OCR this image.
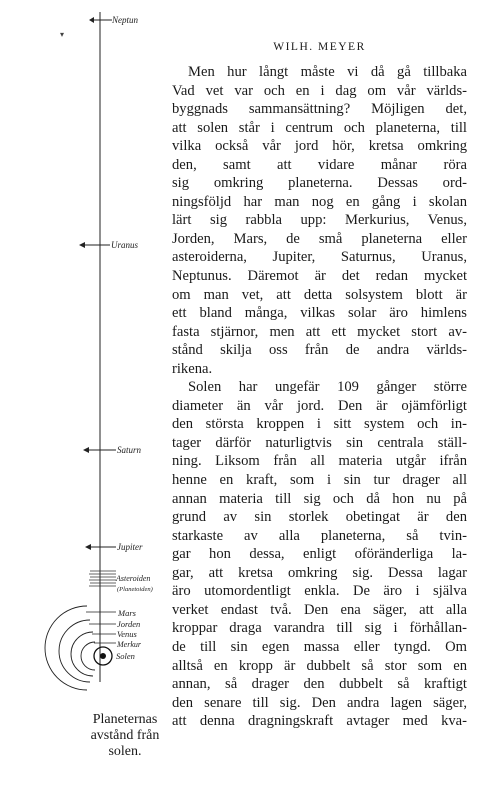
WILH. MEYER
Neptun
▾
Uranus
Saturn
Jupiter
Asteroiden
(Planetoiden)
Mars
Jorden
Venus
Merkur
Solen
Planeternas
avstånd från
solen.
Men hur långt måste vi då gå tillbaka
Vad vet var och en i dag om vår världs-
byggnads sammansättning? Möjligen det,
att solen står i centrum och planeterna, till
vilka också vår jord hör, kretsa omkring
den, samt att vidare månar röra
sig omkring planeterna. Dessas ord-
ningsföljd har man nog en gång i skolan
lärt sig rabbla upp: Merkurius, Venus,
Jorden, Mars, de små planeterna eller
asteroiderna, Jupiter, Saturnus, Uranus,
Neptunus. Däremot är det redan mycket
om man vet, att detta solsystem blott är
ett bland många, vilkas solar äro himlens
fasta stjärnor, men att ett mycket stort av-
stånd skilja oss från de andra världs-
rikena.
Solen har ungefär 109 gånger större
diameter än vår jord. Den är ojämförligt
den största kroppen i sitt system och in-
tager därför naturligtvis sin centrala ställ-
ning. Liksom från all materia utgår ifrån
henne en kraft, som i sin tur drager all
annan materia till sig och då hon nu på
grund av sin storlek obetingat är den
starkaste av alla planeterna, så tvin-
gar hon dessa, enligt oföränderliga la-
gar, att kretsa omkring sig. Dessa lagar
äro utomordentligt enkla. De äro i själva
verket endast två. Den ena säger, att alla
kroppar draga varandra till sig i förhållan-
de till sin egen massa eller tyngd. Om
alltså en kropp är dubbelt så stor som en
annan, så drager den dubbelt så kraftigt
den senare till sig. Den andra lagen säger,
att denna dragningskraft avtager med kva-
